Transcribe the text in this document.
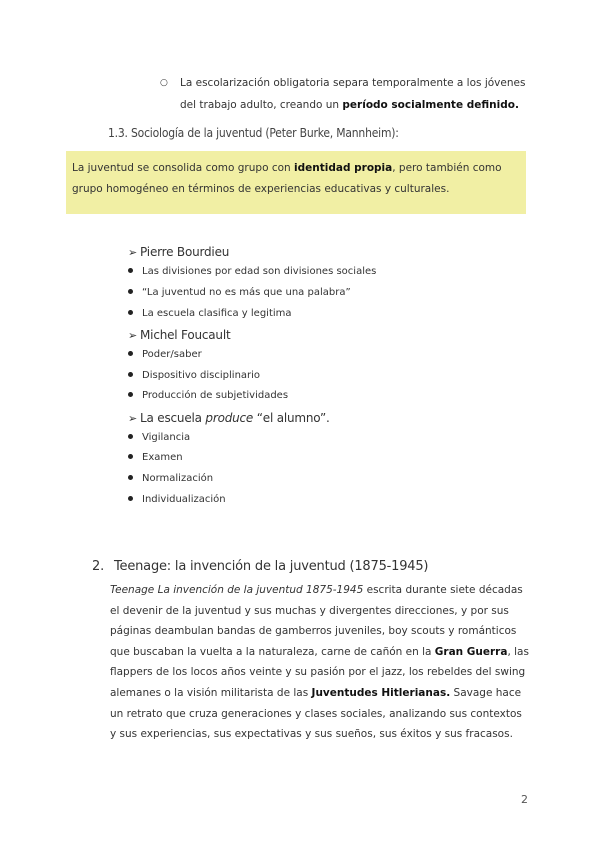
○ La escolarización obligatoria separa temporalmente a los jóvenes del trabajo adulto, creando un período socialmente definido.
1.3. Sociología de la juventud (Peter Burke, Mannheim):
La juventud se consolida como grupo con identidad propia, pero también como grupo homogéneo en términos de experiencias educativas y culturales.
➢ Pierre Bourdieu
Las divisiones por edad son divisiones sociales
“La juventud no es más que una palabra”
La escuela clasifica y legitima
➢ Michel Foucault
Poder/saber
Dispositivo disciplinario
Producción de subjetividades
➢ La escuela produce “el alumno”.
Vigilancia
Examen
Normalización
Individualización
2. Teenage: la invención de la juventud (1875-1945)
Teenage La invención de la juventud 1875-1945 escrita durante siete décadas el devenir de la juventud y sus muchas y divergentes direcciones, y por sus páginas deambulan bandas de gamberros juveniles, boy scouts y románticos que buscaban la vuelta a la naturaleza, carne de cañón en la Gran Guerra, las flappers de los locos años veinte y su pasión por el jazz, los rebeldes del swing alemanes o la visión militarista de las Juventudes Hitlerianas. Savage hace un retrato que cruza generaciones y clases sociales, analizando sus contextos y sus experiencias, sus expectativas y sus sueños, sus éxitos y sus fracasos.
2
